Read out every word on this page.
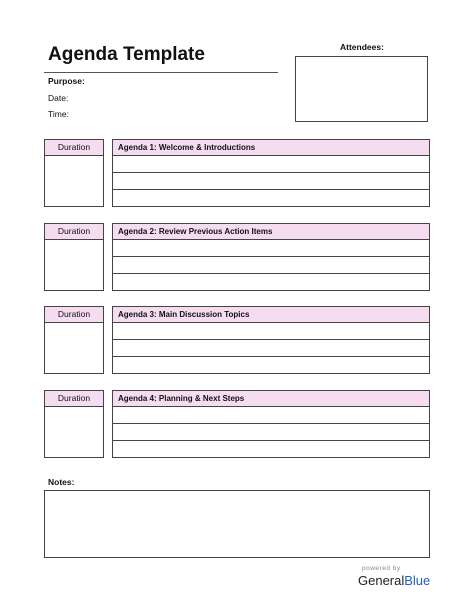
Agenda Template
Purpose:
Date:
Time:
Attendees:
Duration	Agenda 1: Welcome & Introductions
Duration	Agenda 2: Review Previous Action Items
Duration	Agenda 3: Main Discussion Topics
Duration	Agenda 4: Planning & Next Steps
Notes:
powered by
GeneralBlue
